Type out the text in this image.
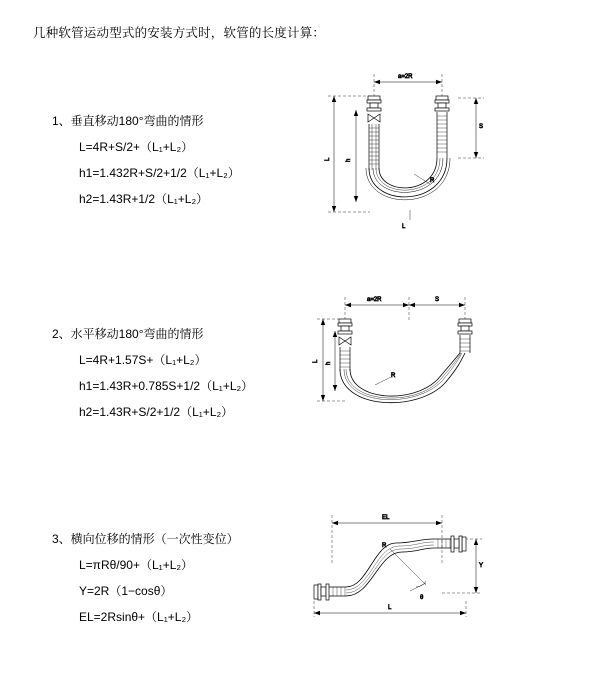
几种软管运动型式的安装方式时，软管的长度计算：
1、垂直移动180°弯曲的情形
L=4R+S/2+（L₁+L₂）
h1=1.432R+S/2+1/2（L₁+L₂）
h2=1.43R+1/2（L₁+L₂）
a=2R
S
L	h
R
L
2、水平移动180°弯曲的情形
L=4R+1.57S+（L₁+L₂）
h1=1.43R+0.785S+1/2（L₁+L₂）
h2=1.43R+S/2+1/2（L₁+L₂）
a=2R	S
L
h
R
3、横向位移的情形（一次性变位）
L=πRθ/90+（L₁+L₂）
Y=2R（1−cosθ）
EL=2Rsinθ+（L₁+L₂）
EL
L
Y
R
θ
